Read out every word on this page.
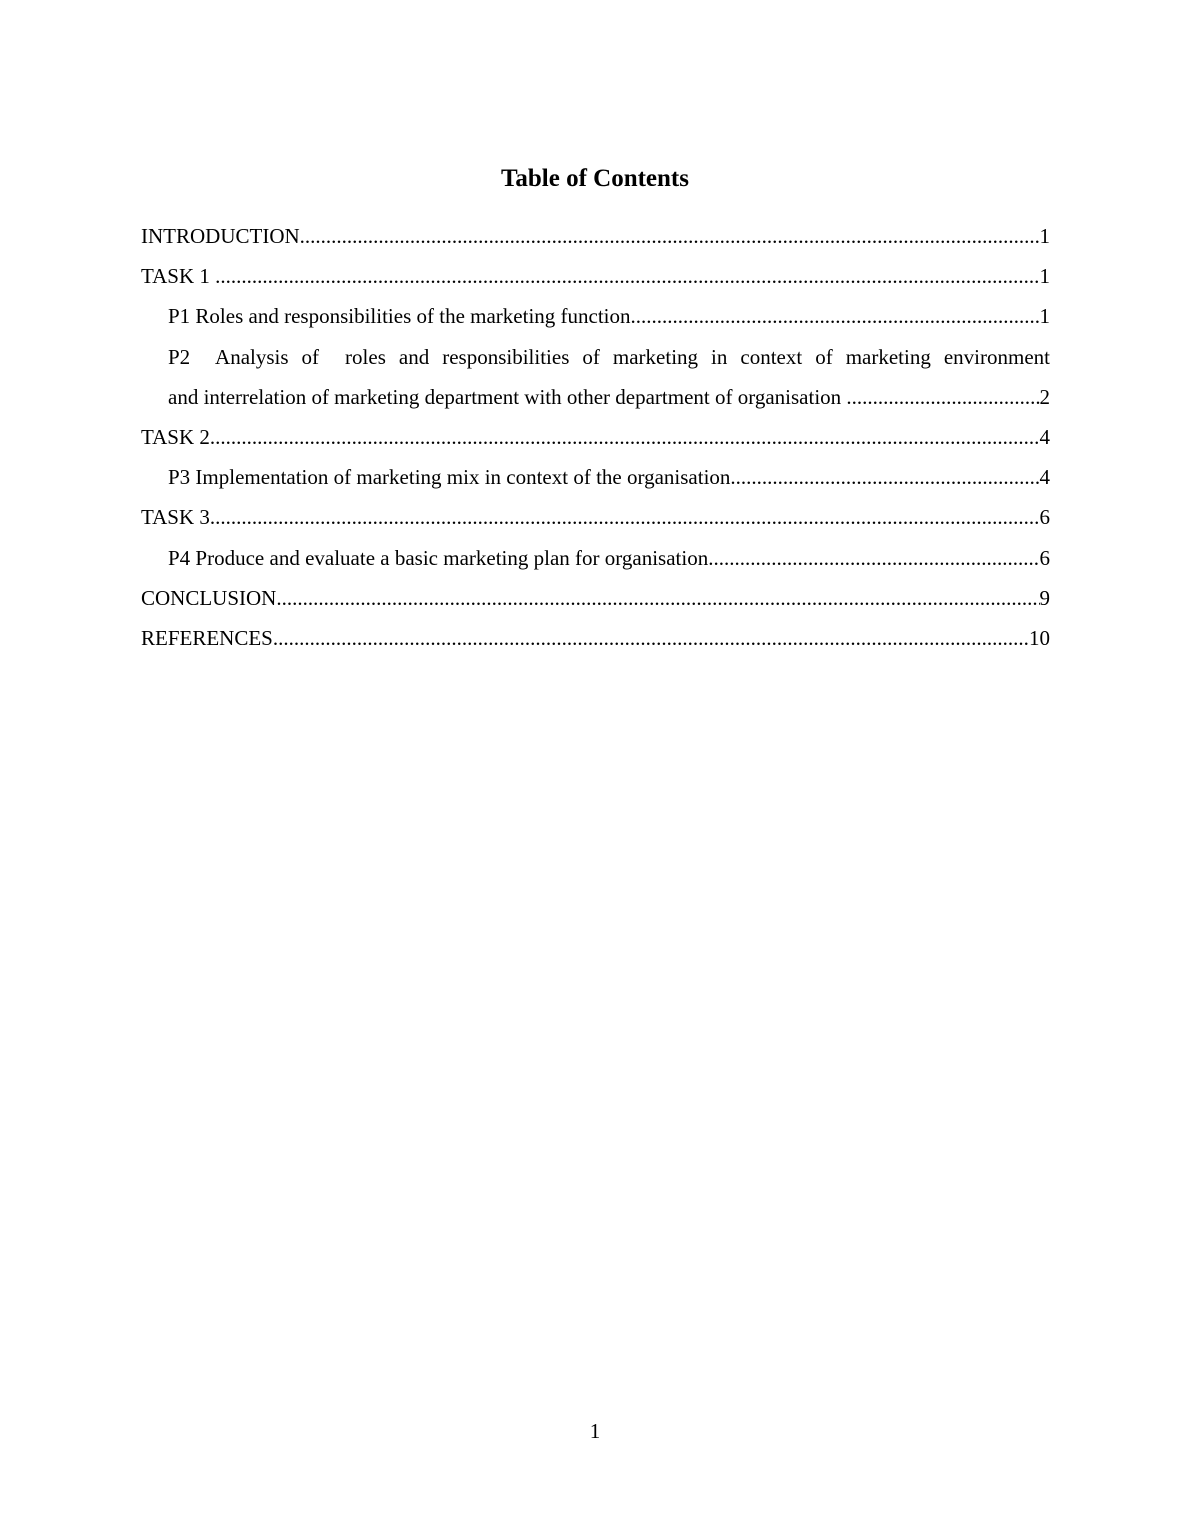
Table of Contents
INTRODUCTION .....	1
TASK 1 .....	1
P1 Roles and responsibilities of the marketing function .....	1
P2  Analysis of  roles and responsibilities of marketing in context of marketing environment
and interrelation of marketing department with other department of organisation .....	2
TASK 2 .....	4
P3 Implementation of marketing mix in context of the organisation .....	4
TASK 3 .....	6
P4 Produce and evaluate a basic marketing plan for organisation .....	6
CONCLUSION .....	9
REFERENCES .....	10
1
